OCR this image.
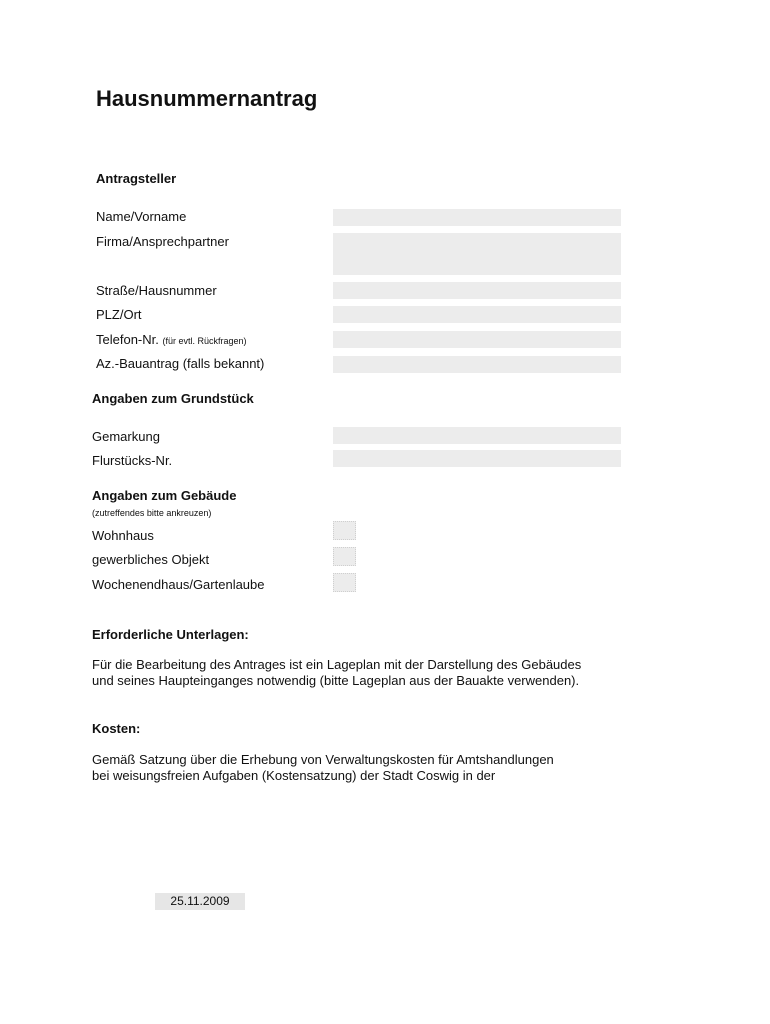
Hausnummernantrag
Antragsteller
Name/Vorname
Firma/Ansprechpartner
Straße/Hausnummer
PLZ/Ort
Telefon-Nr. (für evtl. Rückfragen)
Az.-Bauantrag (falls bekannt)
Angaben zum Grundstück
Gemarkung
Flurstücks-Nr.
Angaben zum Gebäude
(zutreffendes bitte ankreuzen)
Wohnhaus
gewerbliches Objekt
Wochenendhaus/Gartenlaube
Erforderliche Unterlagen:
Für die Bearbeitung des Antrages ist ein Lageplan mit der Darstellung des Gebäudes
und seines Haupteinganges notwendig (bitte Lageplan aus der Bauakte verwenden).
Kosten:
Gemäß Satzung über die Erhebung von Verwaltungskosten für Amtshandlungen
bei weisungsfreien Aufgaben (Kostensatzung) der Stadt Coswig in der
25.11.2009
